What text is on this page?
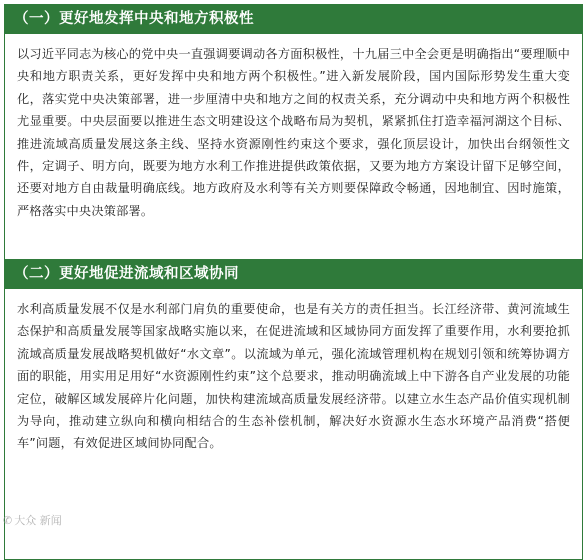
（一）更好地发挥中央和地方积极性

以习近平同志为核心的党中央一直强调要调动各方面积极性，十九届三中全会更是明确指出“要理顺中央和地方职责关系，更好发挥中央和地方两个积极性。”进入新发展阶段，国内国际形势发生重大变化，落实党中央决策部署，进一步厘清中央和地方之间的权责关系，充分调动中央和地方两个积极性尤显重要。中央层面要以推进生态文明建设这个战略布局为契机，紧紧抓住打造幸福河湖这个目标、推进流域高质量发展这条主线、坚持水资源刚性约束这个要求，强化顶层设计，加快出台纲领性文件，定调子、明方向，既要为地方水利工作推进提供政策依据，又要为地方方案设计留下足够空间，还要对地方自由裁量明确底线。地方政府及水利等有关方则要保障政令畅通，因地制宜、因时施策，严格落实中央决策部署。

（二）更好地促进流域和区域协同

水利高质量发展不仅是水利部门肩负的重要使命，也是有关方的责任担当。长江经济带、黄河流域生态保护和高质量发展等国家战略实施以来，在促进流域和区域协同方面发挥了重要作用，水利要抢抓流域高质量发展战略契机做好“水文章”。以流域为单元，强化流域管理机构在规划引领和统筹协调方面的职能，用实用足用好“水资源刚性约束”这个总要求，推动明确流域上中下游各自产业发展的功能定位，破解区域发展碎片化问题，加快构建流域高质量发展经济带。以建立水生态产品价值实现机制为导向，推动建立纵向和横向相结合的生态补偿机制，解决好水资源水生态水环境产品消费“搭便车”问题，有效促进区域间协同配合。

✆ 大众 新闻
